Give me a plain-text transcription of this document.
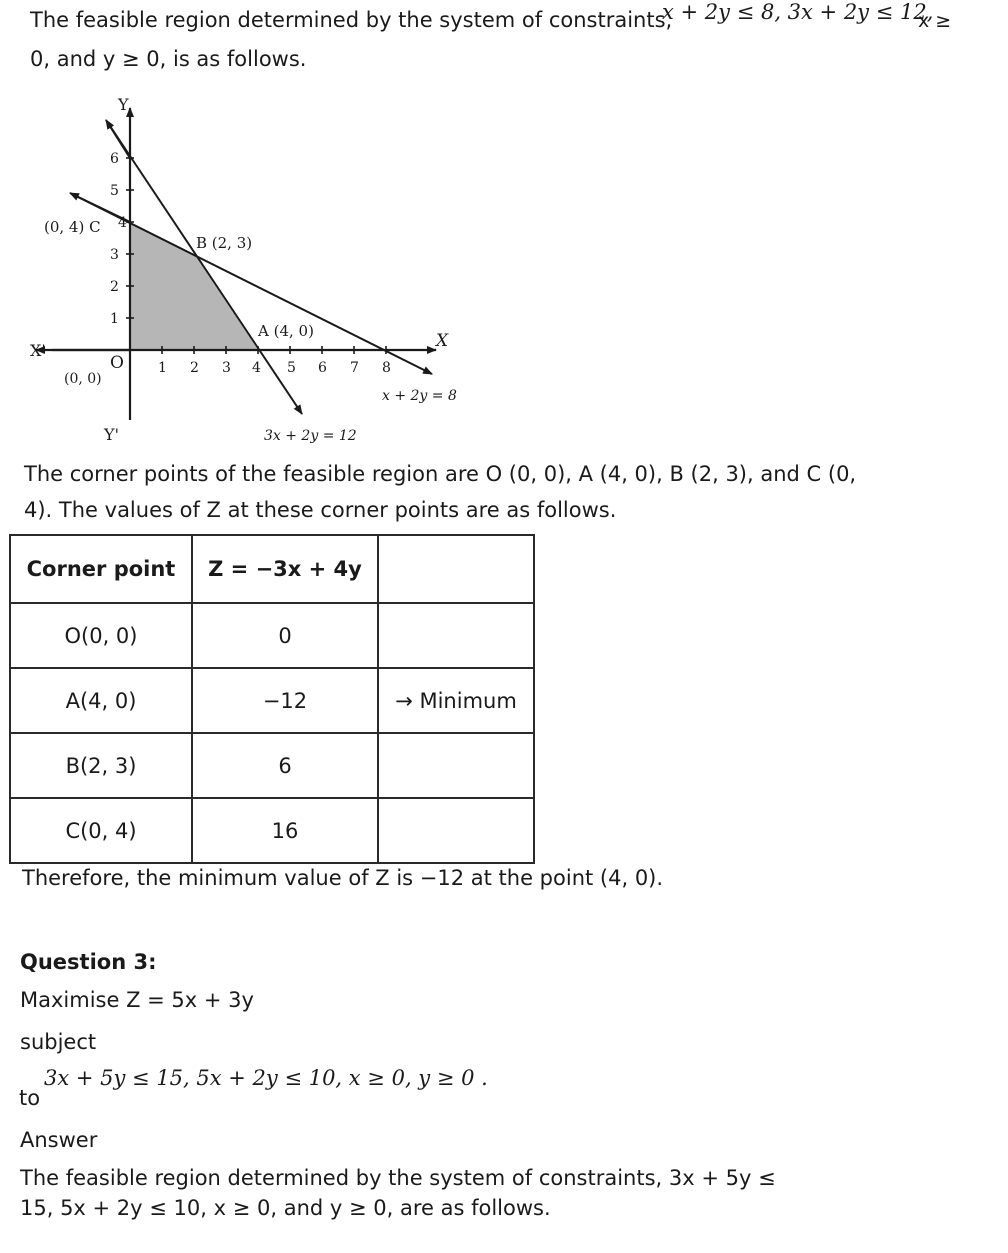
The feasible region determined by the system of constraints,
x + 2y ≤ 8, 3x + 2y ≤ 12,
x ≥
0, and y ≥ 0, is as follows.
1 2 3 4 5 6 7 8
1
2
3
4
5
6
Y
Y'
X
X'
O
(0, 0)
(0, 4) C
B (2, 3)
A (4, 0)
x + 2y = 8
3x + 2y = 12
The corner points of the feasible region are O (0, 0), A (4, 0), B (2, 3), and C (0,
4). The values of Z at these corner points are as follows.
Corner point	Z = −3x + 4y	
O(0, 0)	0	
A(4, 0)	−12	→ Minimum
B(2, 3)	6	
C(0, 4)	16	
Therefore, the minimum value of Z is −12 at the point (4, 0).
Question 3:
Maximise Z = 5x + 3y
subject
to
3x + 5y ≤ 15, 5x + 2y ≤ 10, x ≥ 0, y ≥ 0 .
Answer
The feasible region determined by the system of constraints, 3x + 5y ≤
15, 5x + 2y ≤ 10, x ≥ 0, and y ≥ 0, are as follows.
